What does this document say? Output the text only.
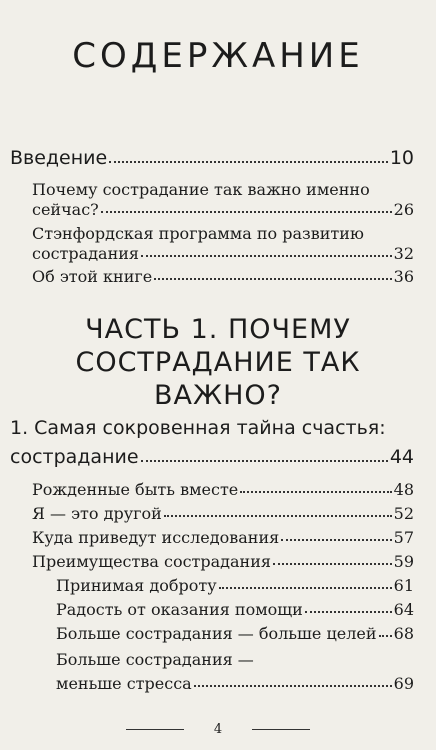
СОДЕРЖАНИЕ
Введение	10
Почему сострадание так важно именно
сейчас?	26
Стэнфордская программа по развитию
сострадания	32
Об этой книге	36
ЧАСТЬ 1. ПОЧЕМУ
СОСТРАДАНИЕ ТАК
ВАЖНО?
1. Самая сокровенная тайна счастья:
сострадание	44
Рожденные быть вместе	48
Я — это другой	52
Куда приведут исследования	57
Преимущества сострадания	59
Принимая доброту	61
Радость от оказания помощи	64
Больше сострадания — больше целей 68
Больше сострадания —
меньше стресса	69
4
